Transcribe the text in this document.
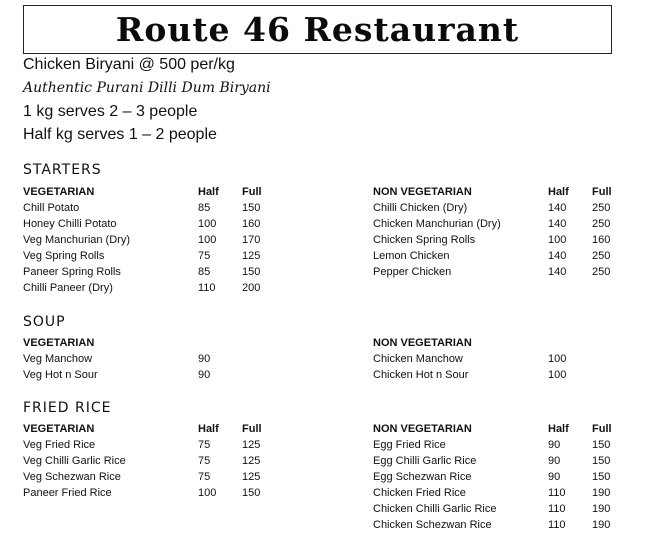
Route 46 Restaurant
Chicken Biryani @ 500 per/kg
Authentic Purani Dilli Dum Biryani
1 kg serves 2 – 3 people
Half kg serves 1 – 2 people
STARTERS
VEGETARIAN	Half Full
Chill Potato	85	150
Honey Chilli Potato	100 160
Veg Manchurian (Dry)	100 170
Veg Spring Rolls	75	125
Paneer Spring Rolls	85	150
Chilli Paneer (Dry)	110 200
NON VEGETARIAN	Half Full
Chilli Chicken (Dry)	140 250
Chicken Manchurian (Dry)	140 250
Chicken Spring Rolls	100 160
Lemon Chicken	140 250
Pepper Chicken	140 250
SOUP
VEGETARIAN
Veg Manchow	90
Veg Hot n Sour	90
NON VEGETARIAN
Chicken Manchow	100
Chicken Hot n Sour	100
FRIED RICE
VEGETARIAN	Half Full
Veg Fried Rice	75	125
Veg Chilli Garlic Rice	75	125
Veg Schezwan Rice	75	125
Paneer Fried Rice	100 150
NON VEGETARIAN	Half Full
Egg Fried Rice	90	150
Egg Chilli Garlic Rice	90	150
Egg Schezwan Rice	90	150
Chicken Fried Rice	110 190
Chicken Chilli Garlic Rice	110 190
Chicken Schezwan Rice	110 190
